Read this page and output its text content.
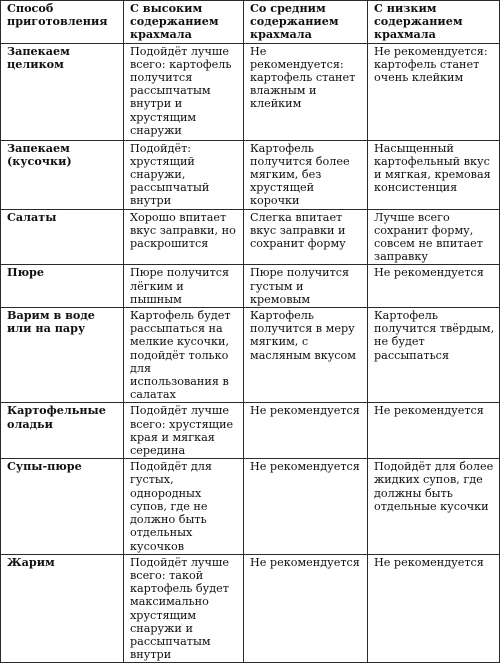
Способ приготовления	С высоким содержанием крахмала	Со средним содержанием крахмала	С низким содержанием крахмала
Запекаем целиком	Подойдёт лучше всего: картофель получится рассыпчатым внутри и хрустящим снаружи	Не рекомендуется: картофель станет влажным и клейким	Не рекомендуется: картофель станет очень клейким
Запекаем (кусочки)	Подойдёт: хрустящий снаружи, рассыпчатый внутри	Картофель получится более мягким, без хрустящей корочки	Насыщенный картофельный вкус и мягкая, кремовая консистенция
Салаты	Хорошо впитает вкус заправки, но раскрошится	Слегка впитает вкус заправки и сохранит форму	Лучше всего сохранит форму, совсем не впитает заправку
Пюре	Пюре получится лёгким и пышным	Пюре получится густым и кремовым	Не рекомендуется
Варим в воде или на пару	Картофель будет рассыпаться на мелкие кусочки, подойдёт только для использования в салатах	Картофель получится в меру мягким, с масляным вкусом	Картофель получится твёрдым, не будет рассыпаться
Картофельные оладьи	Подойдёт лучше всего: хрустящие края и мягкая середина	Не рекомендуется	Не рекомендуется
Супы-пюре	Подойдёт для густых, однородных супов, где не должно быть отдельных кусочков	Не рекомендуется	Подойдёт для более жидких супов, где должны быть отдельные кусочки
Жарим	Подойдёт лучше всего: такой картофель будет максимально хрустящим снаружи и рассыпчатым внутри	Не рекомендуется	Не рекомендуется
